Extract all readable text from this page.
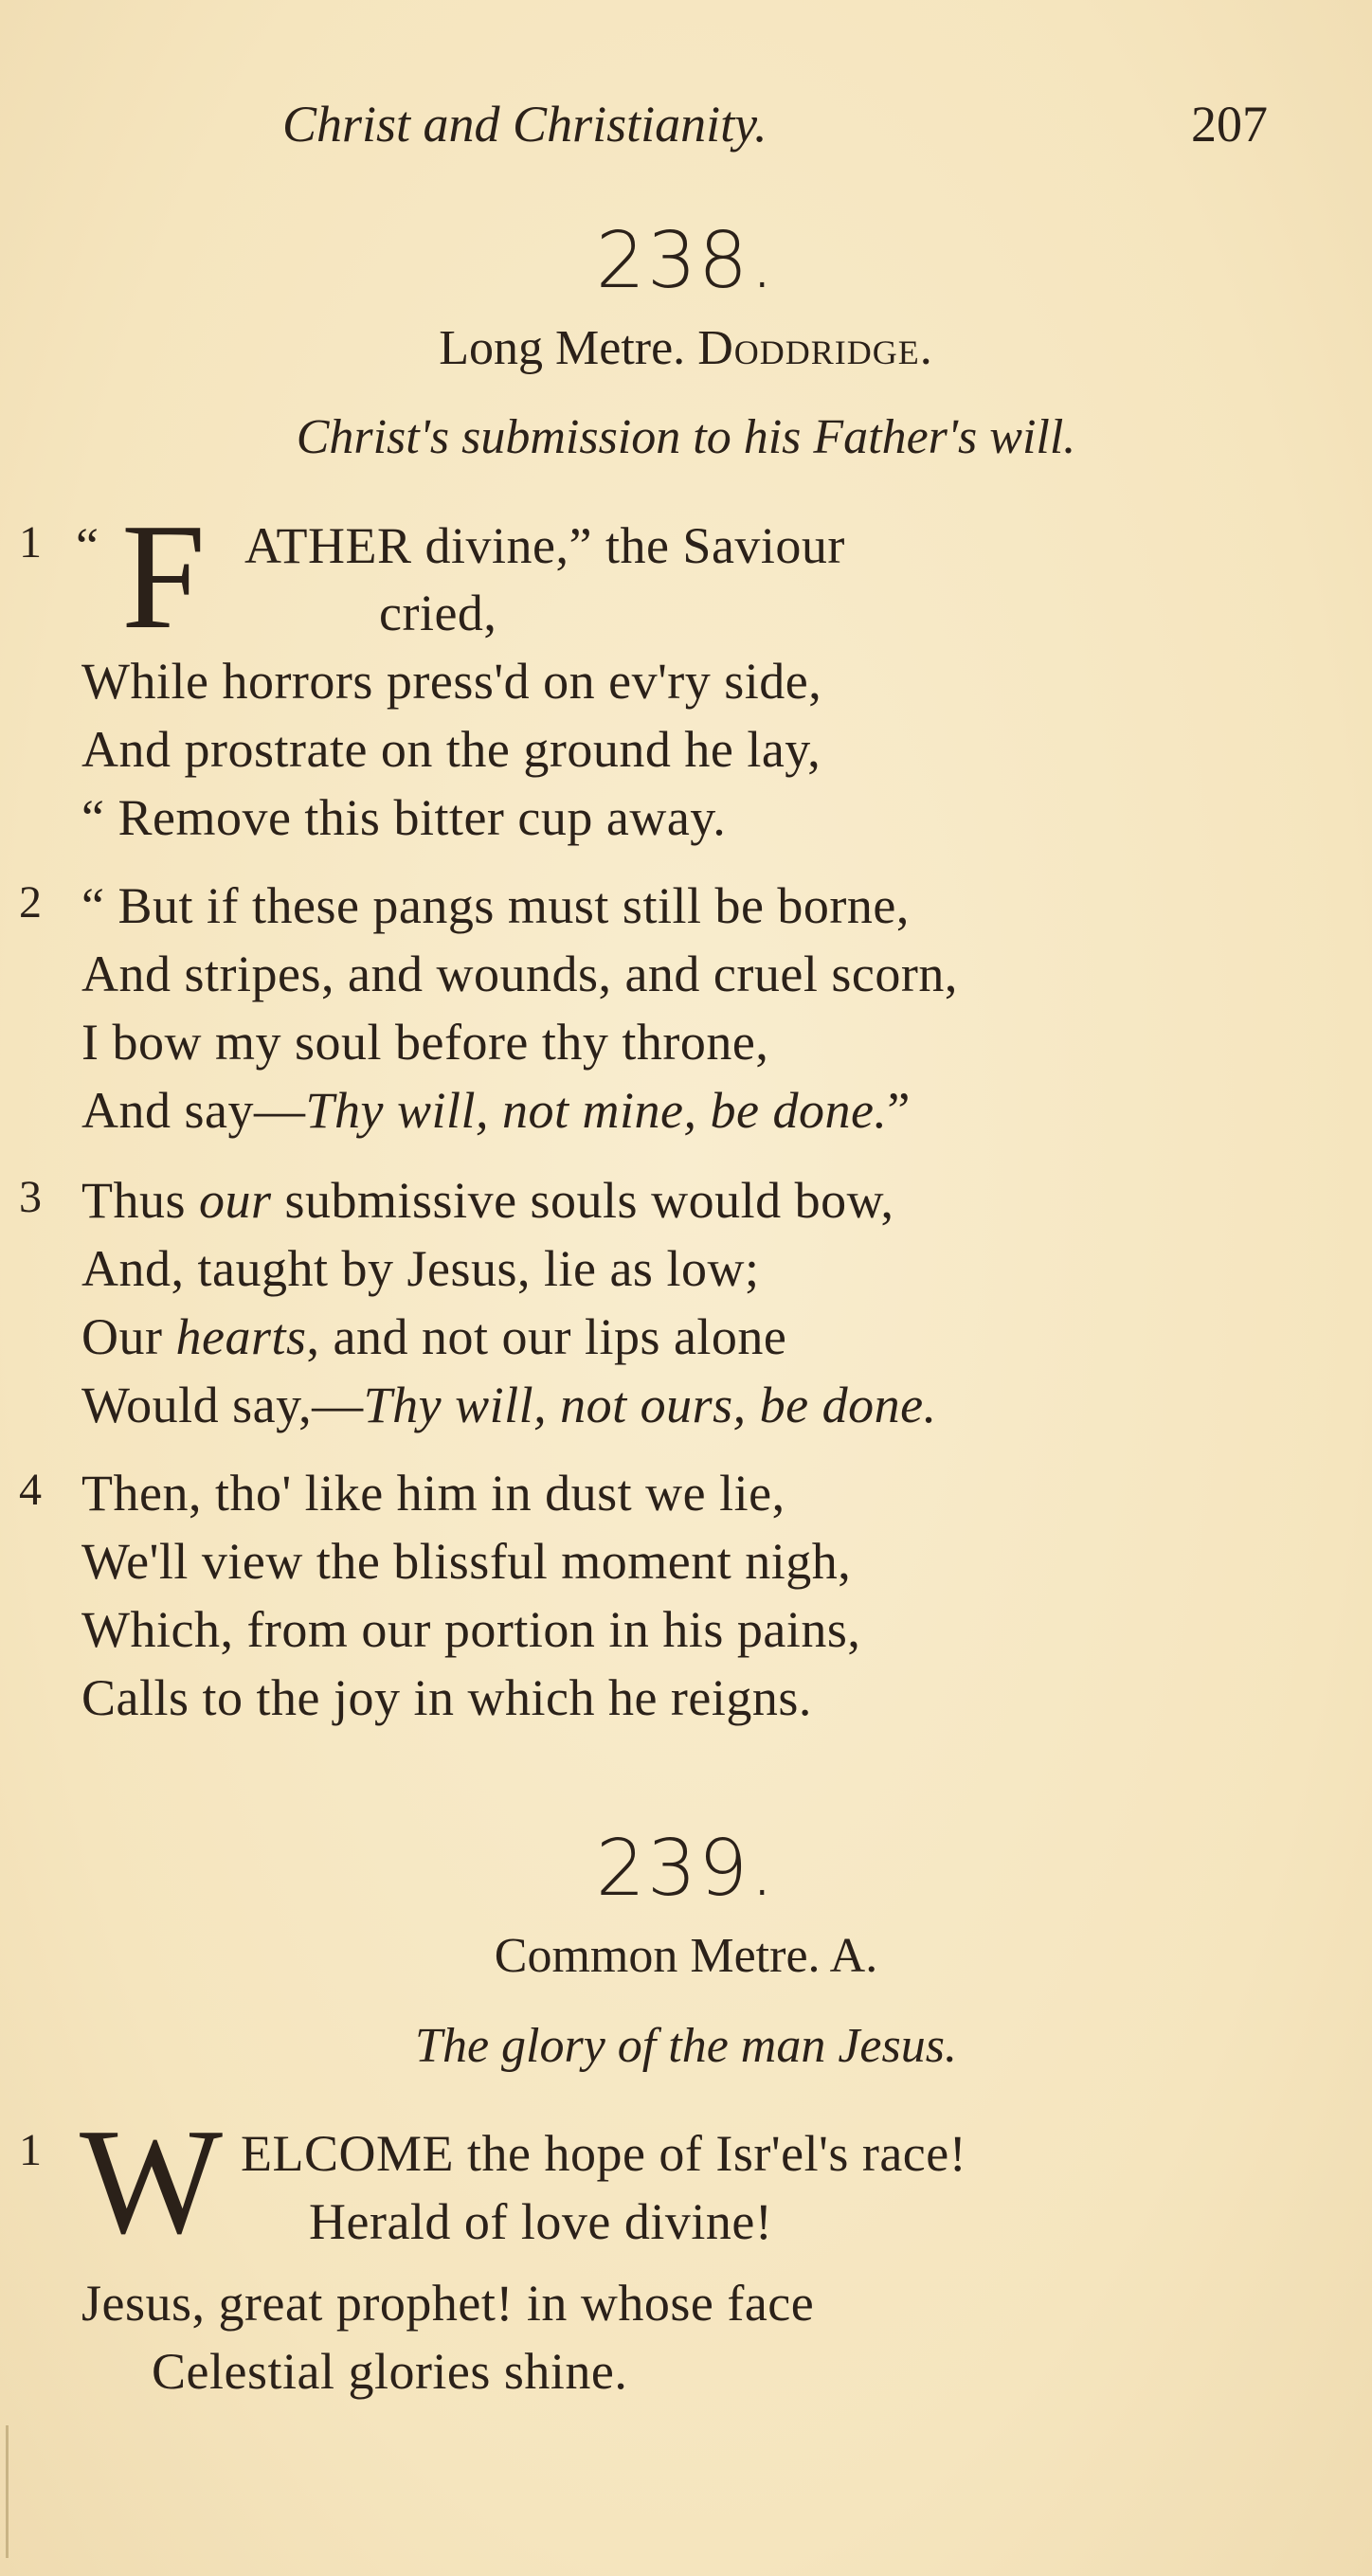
Christ and Christianity.	207
238.
Long Metre. Doddridge.
Christ's submission to his Father's will.
1 “ F ATHER divine,” the Saviour
cried,
While horrors press'd on ev'ry side,
And prostrate on the ground he lay,
“ Remove this bitter cup away.
2 “ But if these pangs must still be borne,
And stripes, and wounds, and cruel scorn,
I bow my soul before thy throne,
And say—Thy will, not mine, be done.”
3 Thus our submissive souls would bow,
And, taught by Jesus, lie as low;
Our hearts, and not our lips alone
Would say,—Thy will, not ours, be done.
4 Then, tho' like him in dust we lie,
We'll view the blissful moment nigh,
Which, from our portion in his pains,
Calls to the joy in which he reigns.
239.
Common Metre. A.
The glory of the man Jesus.
1 W ELCOME the hope of Isr'el's race!
Herald of love divine!
Jesus, great prophet! in whose face
Celestial glories shine.
